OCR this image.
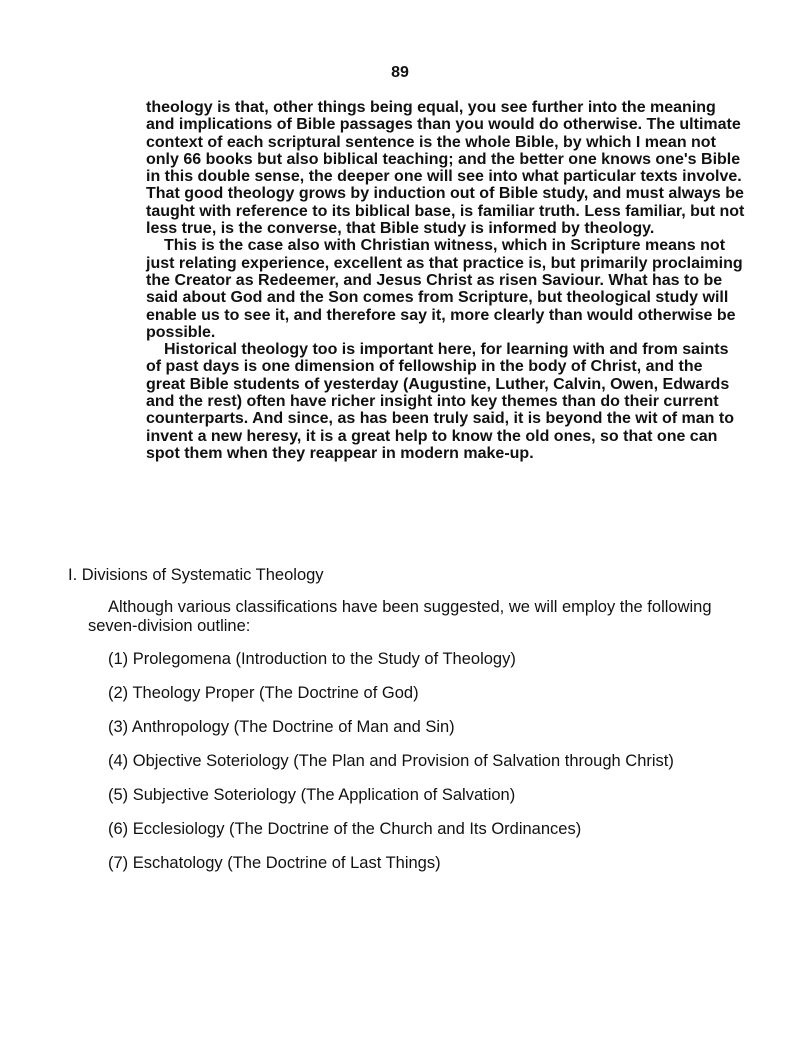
89

theology is that, other things being equal, you see further into the meaning and implications of Bible passages than you would do otherwise. The ultimate context of each scriptural sentence is the whole Bible, by which I mean not only 66 books but also biblical teaching; and the better one knows one's Bible in this double sense, the deeper one will see into what particular texts involve. That good theology grows by induction out of Bible study, and must always be taught with reference to its biblical base, is familiar truth. Less familiar, but not less true, is the converse, that Bible study is informed by theology.

This is the case also with Christian witness, which in Scripture means not just relating experience, excellent as that practice is, but primarily proclaiming the Creator as Redeemer, and Jesus Christ as risen Saviour. What has to be said about God and the Son comes from Scripture, but theological study will enable us to see it, and therefore say it, more clearly than would otherwise be possible.

Historical theology too is important here, for learning with and from saints of past days is one dimension of fellowship in the body of Christ, and the great Bible students of yesterday (Augustine, Luther, Calvin, Owen, Edwards and the rest) often have richer insight into key themes than do their current counterparts. And since, as has been truly said, it is beyond the wit of man to invent a new heresy, it is a great help to know the old ones, so that one can spot them when they reappear in modern make-up.

I. Divisions of Systematic Theology

Although various classifications have been suggested, we will employ the following seven-division outline:

(1) Prolegomena (Introduction to the Study of Theology)
(2) Theology Proper (The Doctrine of God)
(3) Anthropology (The Doctrine of Man and Sin)
(4) Objective Soteriology (The Plan and Provision of Salvation through Christ)
(5) Subjective Soteriology (The Application of Salvation)
(6) Ecclesiology (The Doctrine of the Church and Its Ordinances)
(7) Eschatology (The Doctrine of Last Things)
